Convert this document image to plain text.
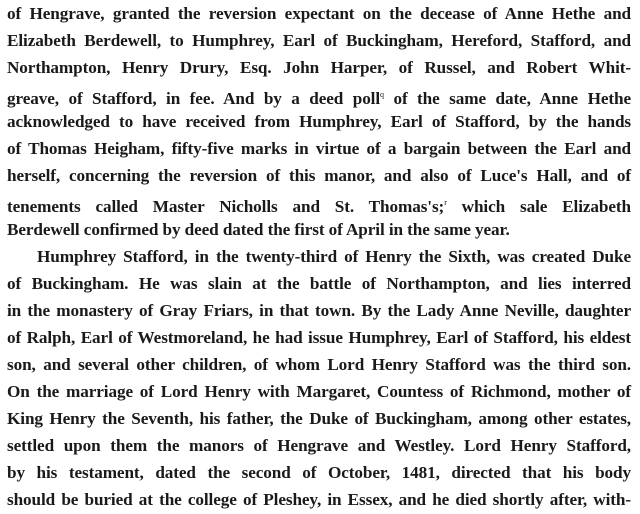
of Hengrave, granted the reversion expectant on the decease of Anne Hethe and
Elizabeth Berdewell, to Humphrey, Earl of Buckingham, Hereford, Stafford, and
Northampton, Henry Drury, Esq. John Harper, of Russel, and Robert Whit-
greave, of Stafford, in fee. And by a deed poll$^q$ of the same date, Anne Hethe
acknowledged to have received from Humphrey, Earl of Stafford, by the hands
of Thomas Heigham, fifty-five marks in virtue of a bargain between the Earl and
herself, concerning the reversion of this manor, and also of Luce's Hall, and of
tenements called Master Nicholls and St. Thomas's;$^r$ which sale Elizabeth
Berdewell confirmed by deed dated the first of April in the same year.
Humphrey Stafford, in the twenty-third of Henry the Sixth, was created Duke
of Buckingham. He was slain at the battle of Northampton, and lies interred
in the monastery of Gray Friars, in that town. By the Lady Anne Neville, daughter
of Ralph, Earl of Westmoreland, he had issue Humphrey, Earl of Stafford, his eldest
son, and several other children, of whom Lord Henry Stafford was the third son.
On the marriage of Lord Henry with Margaret, Countess of Richmond, mother of
King Henry the Seventh, his father, the Duke of Buckingham, among other estates,
settled upon them the manors of Hengrave and Westley. Lord Henry Stafford,
by his testament, dated the second of October, 1481, directed that his body
should be buried at the college of Pleshey, in Essex, and he died shortly after, with-
